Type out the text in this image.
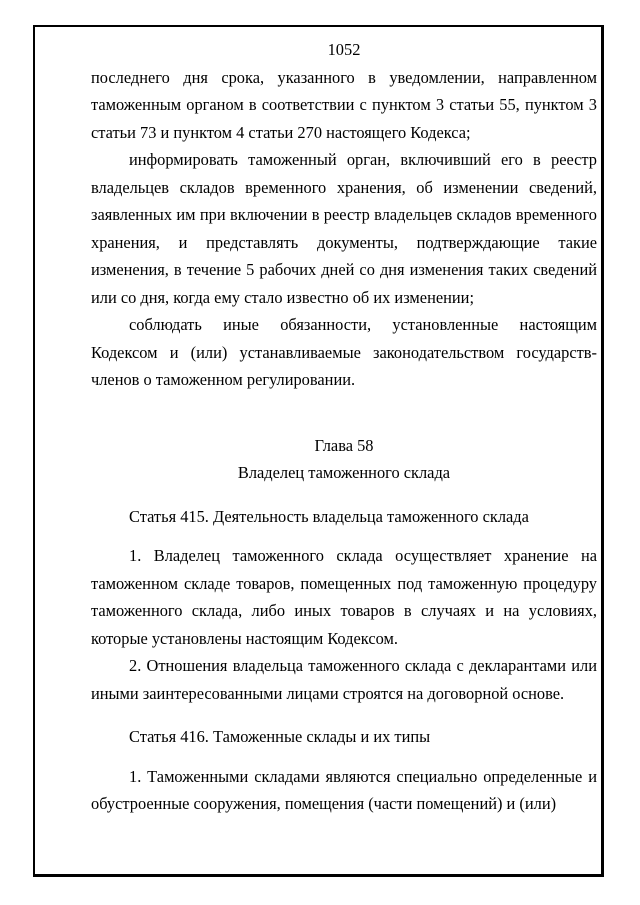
1052

последнего дня срока, указанного в уведомлении, направленном таможенным органом в соответствии с пунктом 3 статьи 55, пунктом 3 статьи 73 и пунктом 4 статьи 270 настоящего Кодекса;

информировать таможенный орган, включивший его в реестр владельцев складов временного хранения, об изменении сведений, заявленных им при включении в реестр владельцев складов временного хранения, и представлять документы, подтверждающие такие изменения, в течение 5 рабочих дней со дня изменения таких сведений или со дня, когда ему стало известно об их изменении;

соблюдать иные обязанности, установленные настоящим Кодексом и (или) устанавливаемые законодательством государств-членов о таможенном регулировании.

Глава 58

Владелец таможенного склада

Статья 415. Деятельность владельца таможенного склада

1. Владелец таможенного склада осуществляет хранение на таможенном складе товаров, помещенных под таможенную процедуру таможенного склада, либо иных товаров в случаях и на условиях, которые установлены настоящим Кодексом.

2. Отношения владельца таможенного склада с декларантами или иными заинтересованными лицами строятся на договорной основе.

Статья 416. Таможенные склады и их типы

1. Таможенными складами являются специально определенные и обустроенные сооружения, помещения (части помещений) и (или)
